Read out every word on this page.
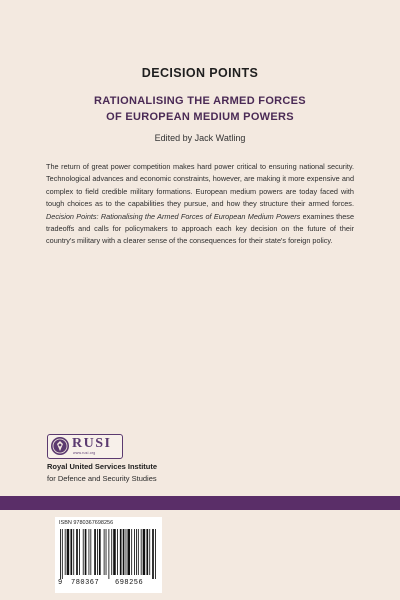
DECISION POINTS
RATIONALISING THE ARMED FORCES
OF EUROPEAN MEDIUM POWERS
Edited by Jack Watling
The return of great power competition makes hard power critical to ensuring national security. Technological advances and economic constraints, however, are making it more expensive and complex to field credible military formations. European medium powers are today faced with tough choices as to the capabilities they pursue, and how they structure their armed forces. Decision Points: Rationalising the Armed Forces of European Medium Powers examines these tradeoffs and calls for policymakers to approach each key decision on the future of their country's military with a clearer sense of the consequences for their state's foreign policy.
RUSI
www.rusi.org
Royal United Services Institute
for Defence and Security Studies
ISBN 9780367698256
9 780367 698256
